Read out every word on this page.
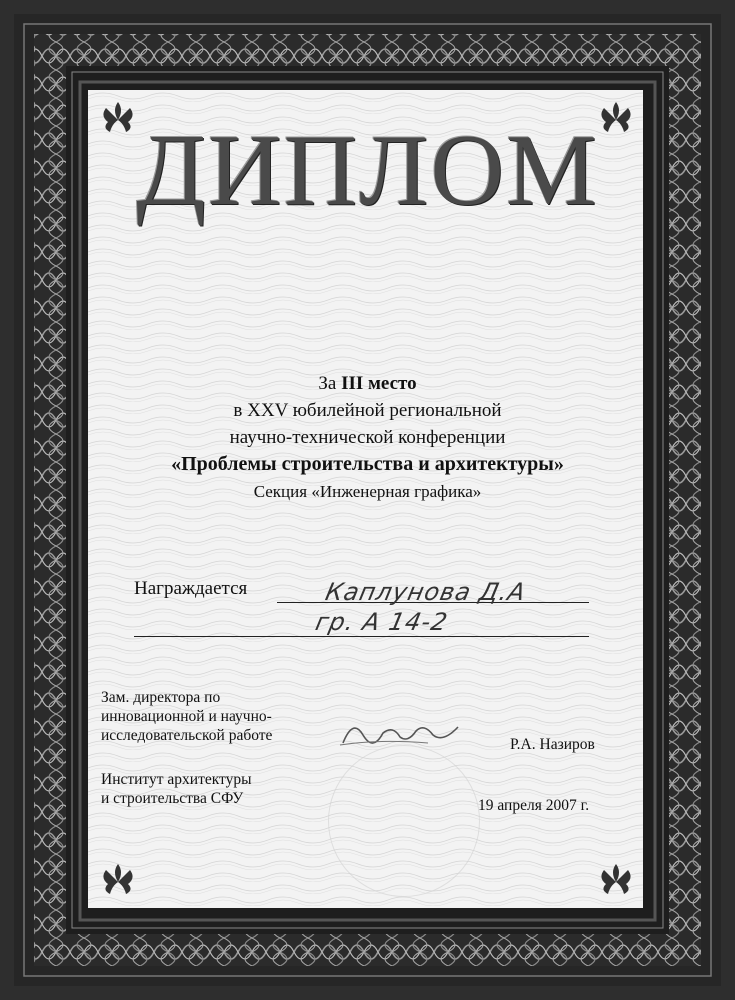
ДИПЛОМ
За III место
в XXV юбилейной региональной
научно-технической конференции
«Проблемы строительства и архитектуры»
Секция «Инженерная графика»
Награждается	Каплунова Д.А
гр. А 14-2
Зам. директора по
инновационной и научно-
исследовательской работе
Р.А. Назиров
Институт архитектуры
и строительства СФУ	19 апреля 2007 г.
